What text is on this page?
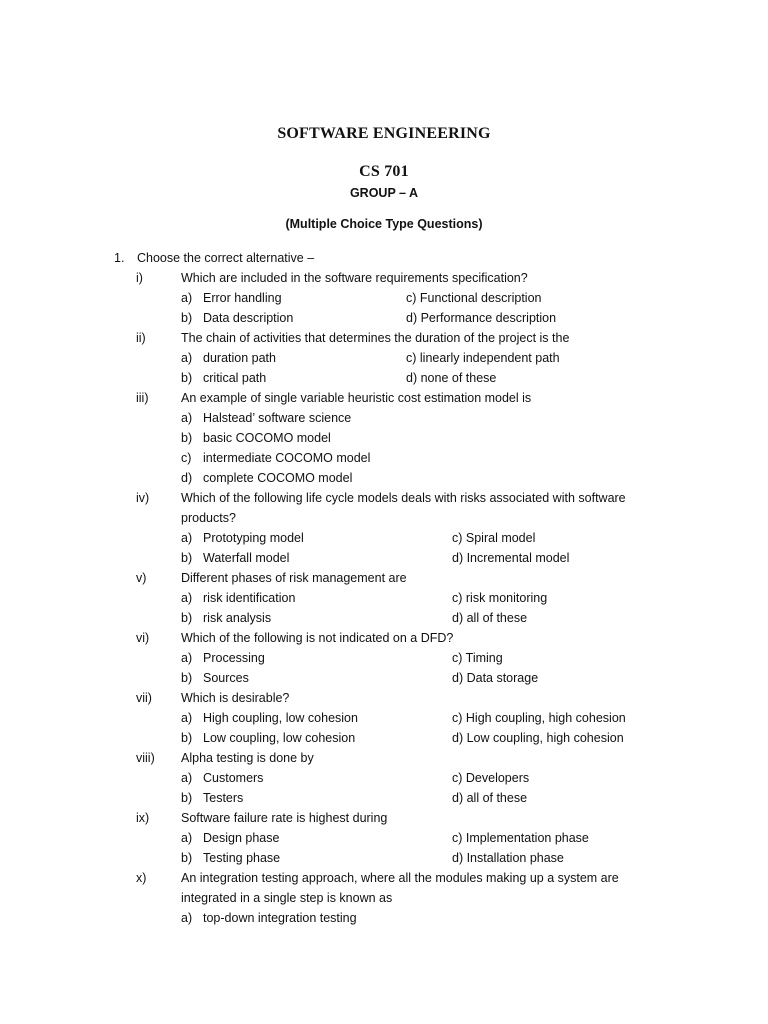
SOFTWARE ENGINEERING
CS 701
GROUP – A
(Multiple Choice Type Questions)
1. Choose the correct alternative –
i)	Which are included in the software requirements specification?
a) Error handling	c) Functional description
b) Data description	d) Performance description
ii)	The chain of activities that determines the duration of the project is the
a) duration path	c) linearly independent path
b) critical path	d) none of these
iii)	An example of single variable heuristic cost estimation model is
a) Halstead’ software science
b) basic COCOMO model
c) intermediate COCOMO model
d) complete COCOMO model
iv)	Which of the following life cycle models deals with risks associated with software
products?
a) Prototyping model	c) Spiral model
b) Waterfall model	d) Incremental model
v)	Different phases of risk management are
a) risk identification	c) risk monitoring
b) risk analysis	d) all of these
vi)	Which of the following is not indicated on a DFD?
a) Processing	c) Timing
b) Sources	d) Data storage
vii) Which is desirable?
a) High coupling, low cohesion	c) High coupling, high cohesion
b) Low coupling, low cohesion	d) Low coupling, high cohesion
viii) Alpha testing is done by
a) Customers	c) Developers
b) Testers	d) all of these
ix)	Software failure rate is highest during
a) Design phase	c) Implementation phase
b) Testing phase	d) Installation phase
x)	An integration testing approach, where all the modules making up a system are
integrated in a single step is known as
a) top-down integration testing
